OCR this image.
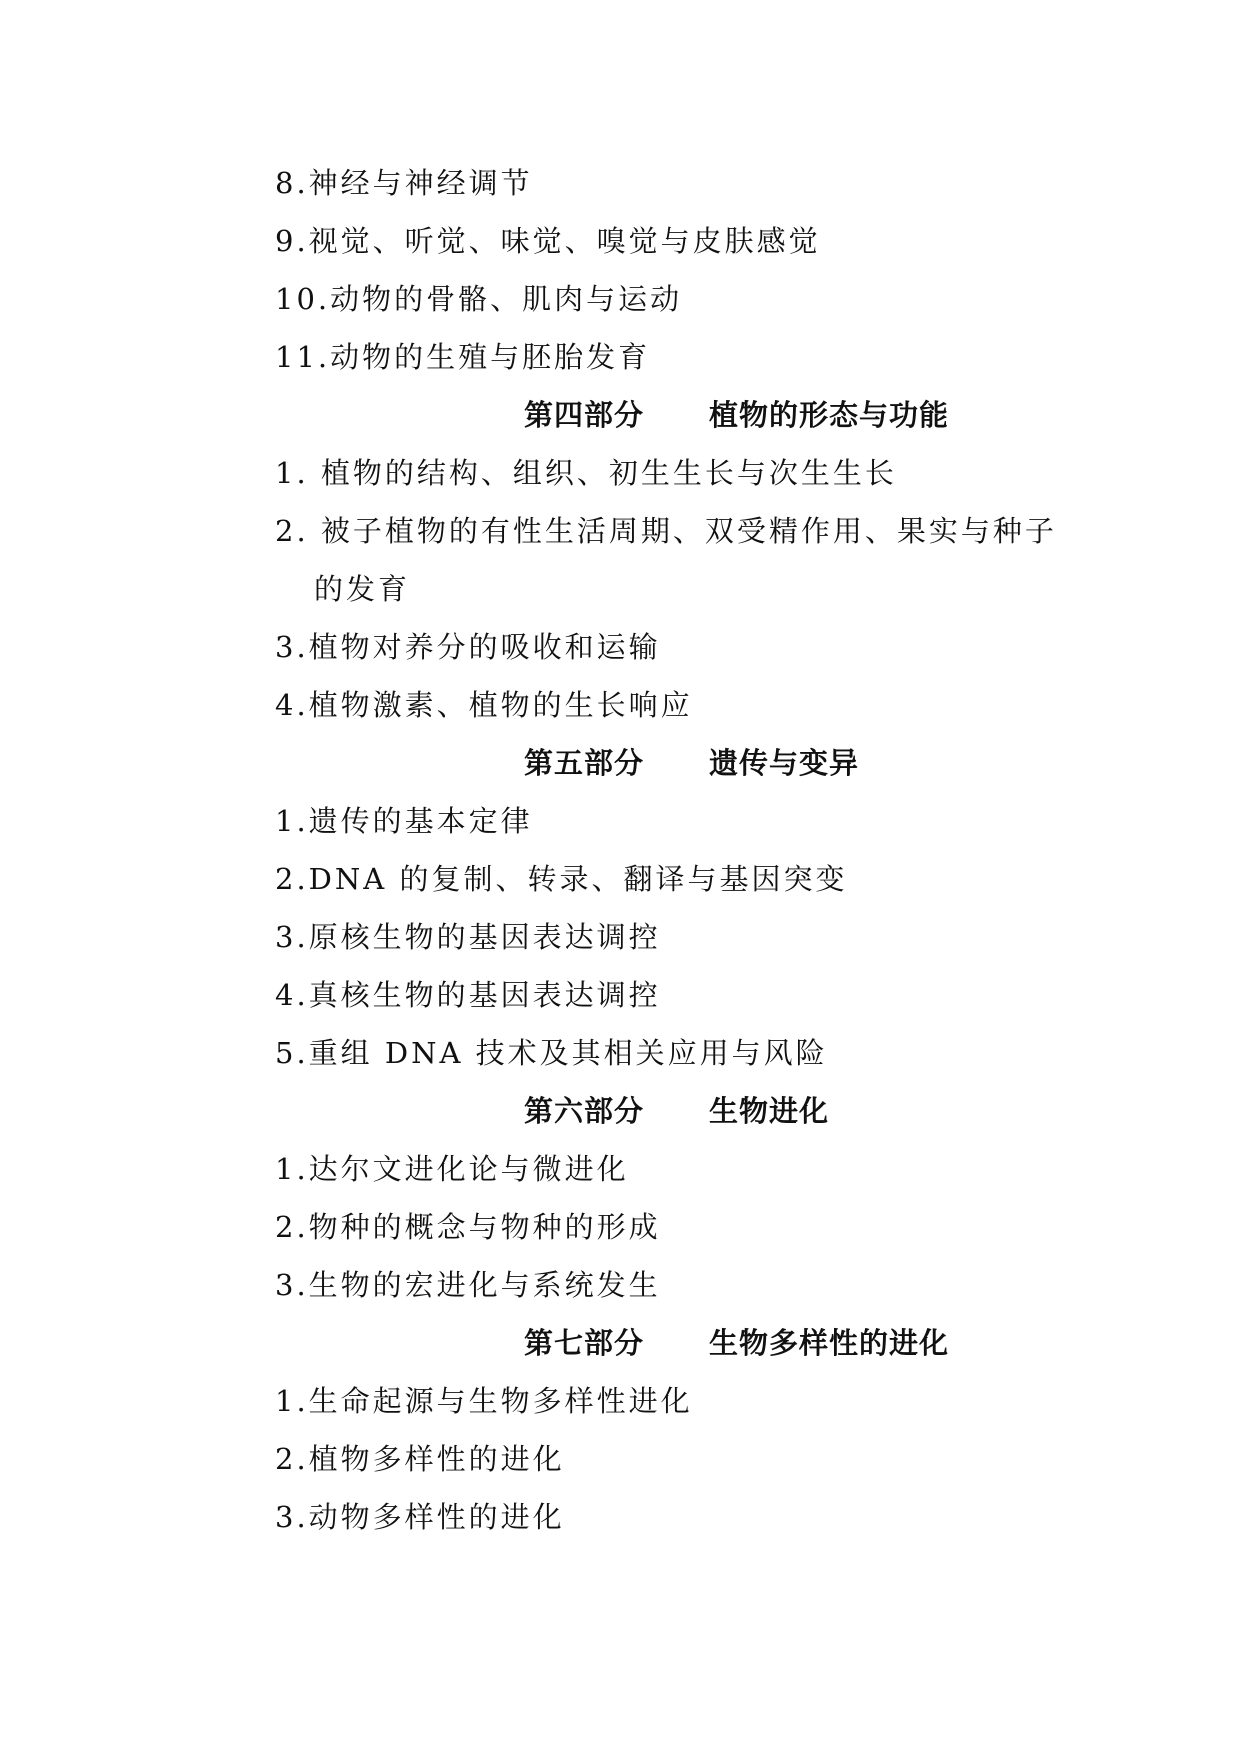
8.神经与神经调节
9.视觉、听觉、味觉、嗅觉与皮肤感觉
10.动物的骨骼、肌肉与运动
11.动物的生殖与胚胎发育
第四部分 植物的形态与功能
1. 植物的结构、组织、初生生长与次生生长
2. 被子植物的有性生活周期、双受精作用、果实与种子
的发育
3.植物对养分的吸收和运输
4.植物激素、植物的生长响应
第五部分 遗传与变异
1.遗传的基本定律
2.DNA 的复制、转录、翻译与基因突变
3.原核生物的基因表达调控
4.真核生物的基因表达调控
5.重组 DNA 技术及其相关应用与风险
第六部分 生物进化
1.达尔文进化论与微进化
2.物种的概念与物种的形成
3.生物的宏进化与系统发生
第七部分 生物多样性的进化
1.生命起源与生物多样性进化
2.植物多样性的进化
3.动物多样性的进化
